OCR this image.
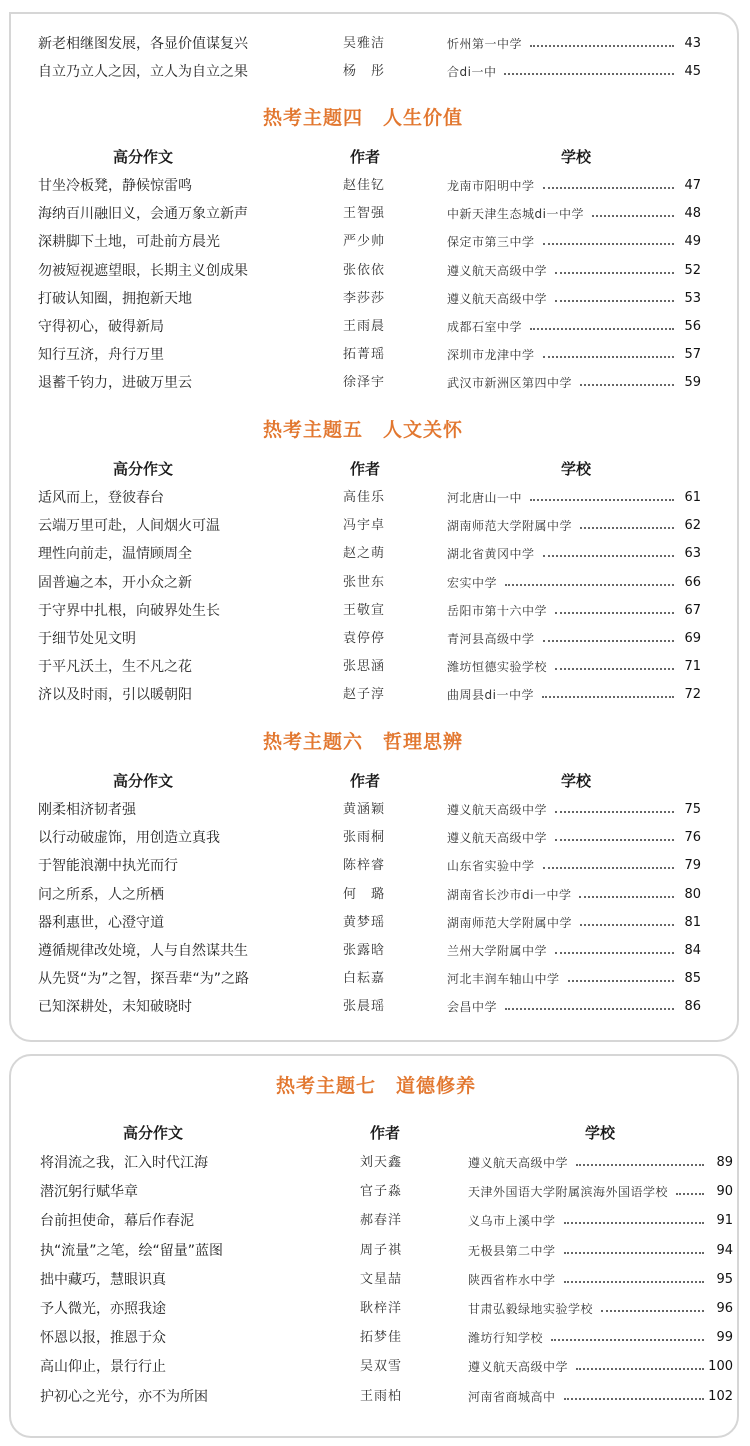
新老相继图发展，各显价值谋复兴	吴雅洁	忻州第一中学	43
自立乃立人之因，立人为自立之果	杨　彤	合di一中	45
热考主题四　人生价值
高分作文	作者	学校
甘坐冷板凳，静候惊雷鸣	赵佳钇	龙南市阳明中学	47
海纳百川融旧义，会通万象立新声	王智强	中新天津生态城di一中学	48
深耕脚下土地，可赴前方晨光	严少帅	保定市第三中学	49
勿被短视遮望眼，长期主义创成果	张依依	遵义航天高级中学	52
打破认知圈，拥抱新天地	李莎莎	遵义航天高级中学	53
守得初心，破得新局	王雨晨	成都石室中学	56
知行互济，舟行万里	拓菁瑶	深圳市龙津中学	57
退蓄千钧力，进破万里云	徐泽宇	武汉市新洲区第四中学	59
热考主题五　人文关怀
高分作文	作者	学校
适风而上，登彼春台	高佳乐	河北唐山一中	61
云端万里可赴，人间烟火可温	冯宇卓	湖南师范大学附属中学	62
理性向前走，温情顾周全	赵之萌	湖北省黄冈中学	63
固普遍之本，开小众之新	张世东	宏实中学	66
于守界中扎根，向破界处生长	王敬宣	岳阳市第十六中学	67
于细节处见文明	袁停停	青河县高级中学	69
于平凡沃土，生不凡之花	张思涵	潍坊恒德实验学校	71
济以及时雨，引以暖朝阳	赵子淳	曲周县di一中学	72
热考主题六　哲理思辨
高分作文	作者	学校
刚柔相济韧者强	黄涵颖	遵义航天高级中学	75
以行动破虚饰，用创造立真我	张雨桐	遵义航天高级中学	76
于智能浪潮中执光而行	陈梓睿	山东省实验中学	79
问之所系，人之所栖	何　璐	湖南省长沙市di一中学	80
器利惠世，心澄守道	黄梦瑶	湖南师范大学附属中学	81
遵循规律改处境，人与自然谋共生	张露晗	兰州大学附属中学	84
从先贤“为”之智，探吾辈“为”之路	白耘嘉	河北丰润车轴山中学	85
已知深耕处，未知破晓时	张晨瑶	会昌中学	86
热考主题七　道德修养
高分作文	作者	学校
将涓流之我，汇入时代江海	刘天鑫	遵义航天高级中学	89
潜沉躬行赋华章	官子淼	天津外国语大学附属滨海外国语学校	90
台前担使命，幕后作春泥	郝春洋	义乌市上溪中学	91
执“流量”之笔，绘“留量”蓝图	周子祺	无极县第二中学	94
拙中藏巧，慧眼识真	文星喆	陕西省柞水中学	95
予人微光，亦照我途	耿梓洋	甘肃弘毅绿地实验学校	96
怀恩以报，推恩于众	拓梦佳	潍坊行知学校	99
高山仰止，景行行止	吴双雪	遵义航天高级中学	100
护初心之光兮，亦不为所困	王雨柏	河南省商城高中	102
